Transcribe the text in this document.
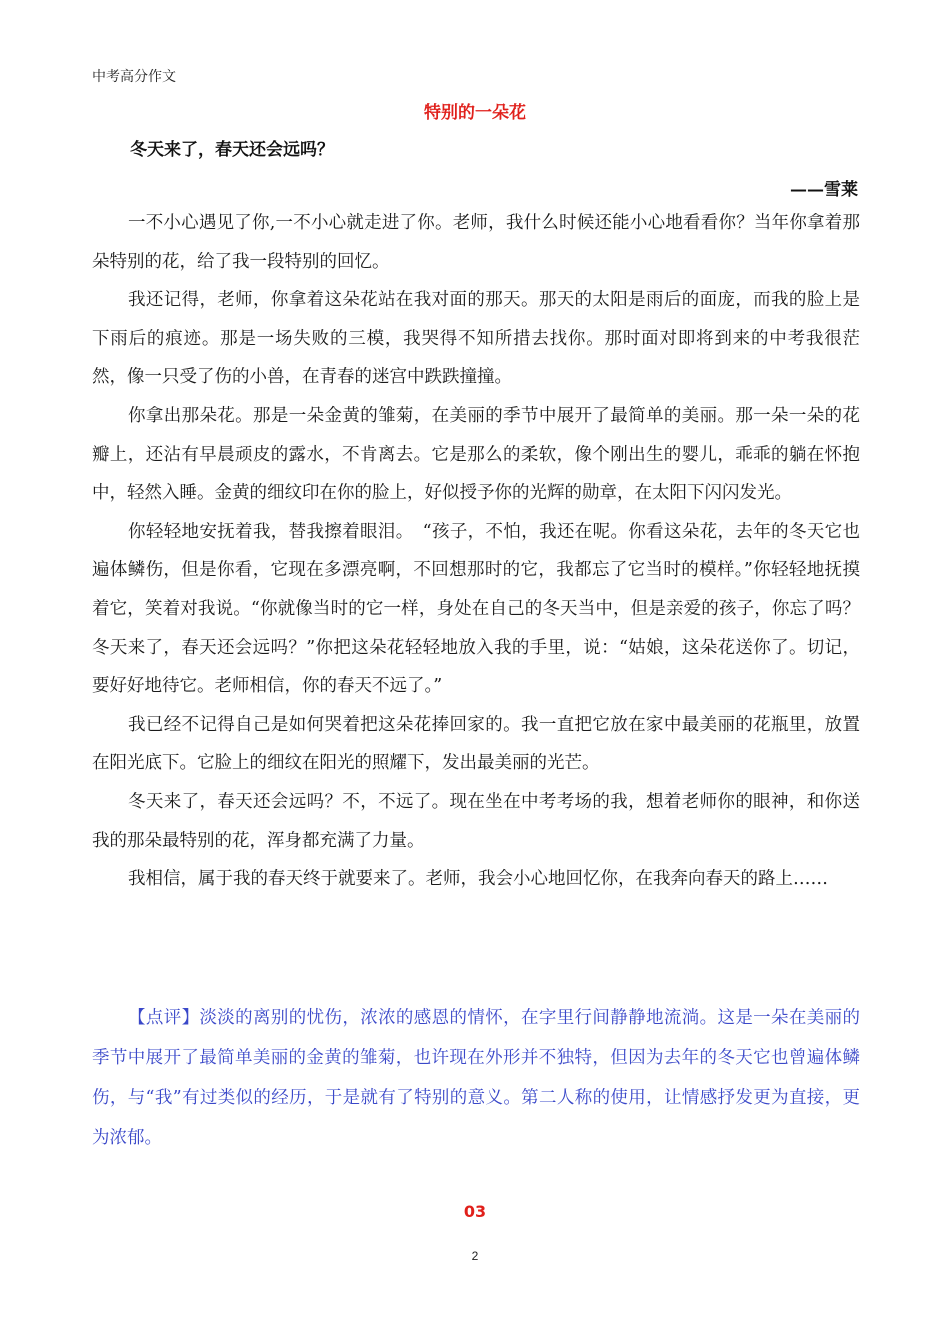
中考高分作文
特别的一朵花
冬天来了，春天还会远吗？
——雪莱

一不小心遇见了你,一不小心就走进了你。老师，我什么时候还能小心地看看你？当年你拿着那朵特别的花，给了我一段特别的回忆。

我还记得，老师，你拿着这朵花站在我对面的那天。那天的太阳是雨后的面庞，而我的脸上是下雨后的痕迹。那是一场失败的三模，我哭得不知所措去找你。那时面对即将到来的中考我很茫然，像一只受了伤的小兽，在青春的迷宫中跌跌撞撞。

你拿出那朵花。那是一朵金黄的雏菊，在美丽的季节中展开了最简单的美丽。那一朵一朵的花瓣上，还沾有早晨顽皮的露水，不肯离去。它是那么的柔软，像个刚出生的婴儿，乖乖的躺在怀抱中，轻然入睡。金黄的细纹印在你的脸上，好似授予你的光辉的勋章，在太阳下闪闪发光。

你轻轻地安抚着我，替我擦着眼泪。　“孩子，不怕，我还在呢。你看这朵花，去年的冬天它也遍体鳞伤，但是你看，它现在多漂亮啊，不回想那时的它，我都忘了它当时的模样。”你轻轻地抚摸着它，笑着对我说。“你就像当时的它一样，身处在自己的冬天当中，但是亲爱的孩子，你忘了吗？冬天来了，春天还会远吗？”你把这朵花轻轻地放入我的手里，说：“姑娘，这朵花送你了。切记，要好好地待它。老师相信，你的春天不远了。”

我已经不记得自己是如何哭着把这朵花捧回家的。我一直把它放在家中最美丽的花瓶里，放置在阳光底下。它脸上的细纹在阳光的照耀下，发出最美丽的光芒。

冬天来了，春天还会远吗？不，不远了。现在坐在中考考场的我，想着老师你的眼神，和你送我的那朵最特别的花，浑身都充满了力量。

我相信，属于我的春天终于就要来了。老师，我会小心地回忆你，在我奔向春天的路上……

【点评】淡淡的离别的忧伤，浓浓的感恩的情怀，在字里行间静静地流淌。这是一朵在美丽的季节中展开了最简单美丽的金黄的雏菊，也许现在外形并不独特，但因为去年的冬天它也曾遍体鳞伤，与“我”有过类似的经历，于是就有了特别的意义。第二人称的使用，让情感抒发更为直接，更为浓郁。

03
2
